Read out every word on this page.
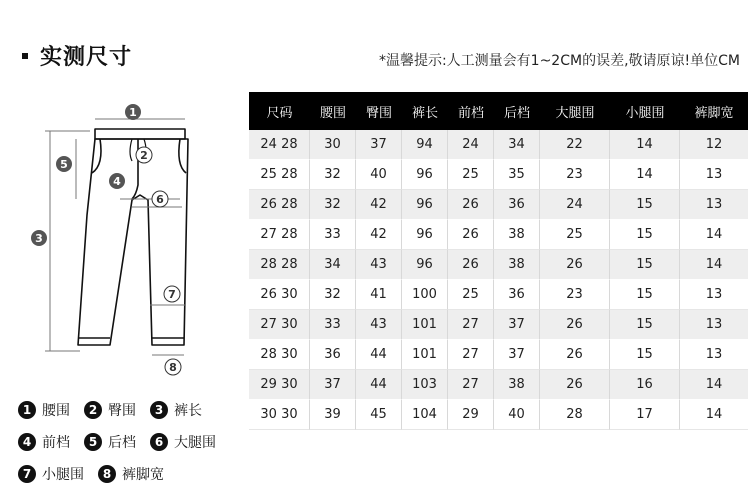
实测尺寸	*温馨提示:人工测量会有1~2CM的误差,敬请原谅!单位CM
1
2
3
4
5
6
7
8
1 腰围	2 臀围	3 裤长
4 前档	5 后档	6 大腿围
7 小腿围	8 裤脚宽
尺码	腰围	臀围	裤长	前档	后档	大腿围	小腿围	裤脚宽
24 28	30	37	94	24	34	22	14	12
25 28	32	40	96	25	35	23	14	13
26 28	32	42	96	26	36	24	15	13
27 28	33	42	96	26	38	25	15	14
28 28	34	43	96	26	38	26	15	14
26 30	32	41	100	25	36	23	15	13
27 30	33	43	101	27	37	26	15	13
28 30	36	44	101	27	37	26	15	13
29 30	37	44	103	27	38	26	16	14
30 30	39	45	104	29	40	28	17	14
